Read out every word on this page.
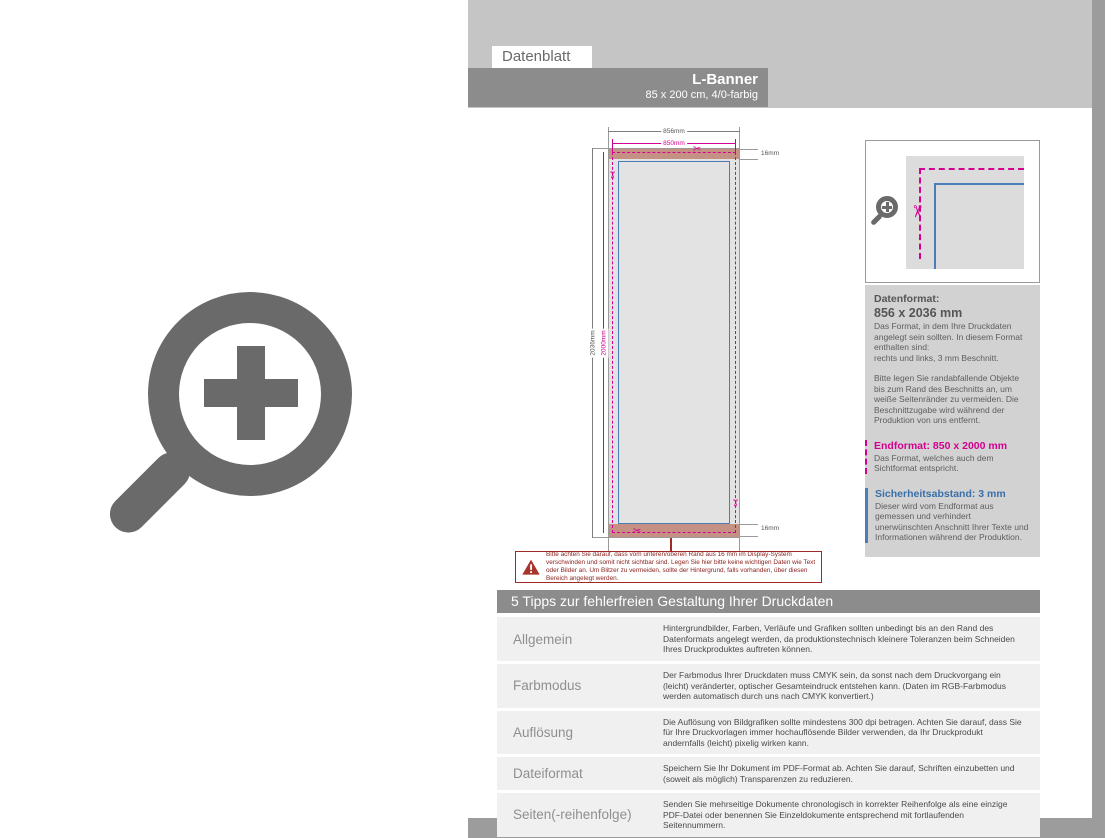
Datenblatt
L-Banner
85 x 200 cm, 4/0-farbig
856mm
850mm
2036mm 2000mm
16mm
16mm
✂
✂
✂
✂
Bitte achten Sie darauf, dass vom unteren/oberen Rand aus 16 mm im Display-System verschwinden und somit nicht sichtbar sind. Legen Sie hier bitte keine wichtigen Daten wie Text oder Bilder an. Um Blitzer zu vermeiden, sollte der Hintergrund, falls vorhanden, über diesen Bereich angelegt werden.
✂
Datenformat:
856 x 2036 mm
Das Format, in dem Ihre Druckdaten angelegt sein sollten. In diesem Format enthalten sind:
rechts und links, 3 mm Beschnitt.
Bitte legen Sie randabfallende Objekte bis zum Rand des Beschnitts an, um weiße Seitenränder zu vermeiden. Die Beschnittzugabe wird während der Produktion von uns entfernt.
Endformat: 850 x 2000 mm
Das Format, welches auch dem Sichtformat entspricht.
Sicherheitsabstand: 3 mm
Dieser wird vom Endformat aus gemessen und verhindert unerwünschten Anschnitt Ihrer Texte und Informationen während der Produktion.
5 Tipps zur fehlerfreien Gestaltung Ihrer Druckdaten
Allgemein
Hintergrundbilder, Farben, Verläufe und Grafiken sollten unbedingt bis an den Rand des Datenformats angelegt werden, da produktionstechnisch kleinere Toleranzen beim Schneiden Ihres Druckproduktes auftreten können.
Farbmodus
Der Farbmodus Ihrer Druckdaten muss CMYK sein, da sonst nach dem Druckvorgang ein (leicht) veränderter, optischer Gesamteindruck entstehen kann. (Daten im RGB-Farbmodus werden automatisch durch uns nach CMYK konvertiert.)
Auflösung
Die Auflösung von Bildgrafiken sollte mindestens 300 dpi betragen. Achten Sie darauf, dass Sie für Ihre Druckvorlagen immer hochauflösende Bilder verwenden, da Ihr Druckprodukt andernfalls (leicht) pixelig wirken kann.
Dateiformat	Speichern Sie Ihr Dokument im PDF-Format ab. Achten Sie darauf, Schriften einzubetten und (soweit als möglich) Transparenzen zu reduzieren.
Seiten(-reihenfolge)
Senden Sie mehrseitige Dokumente chronologisch in korrekter Reihenfolge als eine einzige PDF-Datei oder benennen Sie Einzeldokumente entsprechend mit fortlaufenden Seitennummern.
